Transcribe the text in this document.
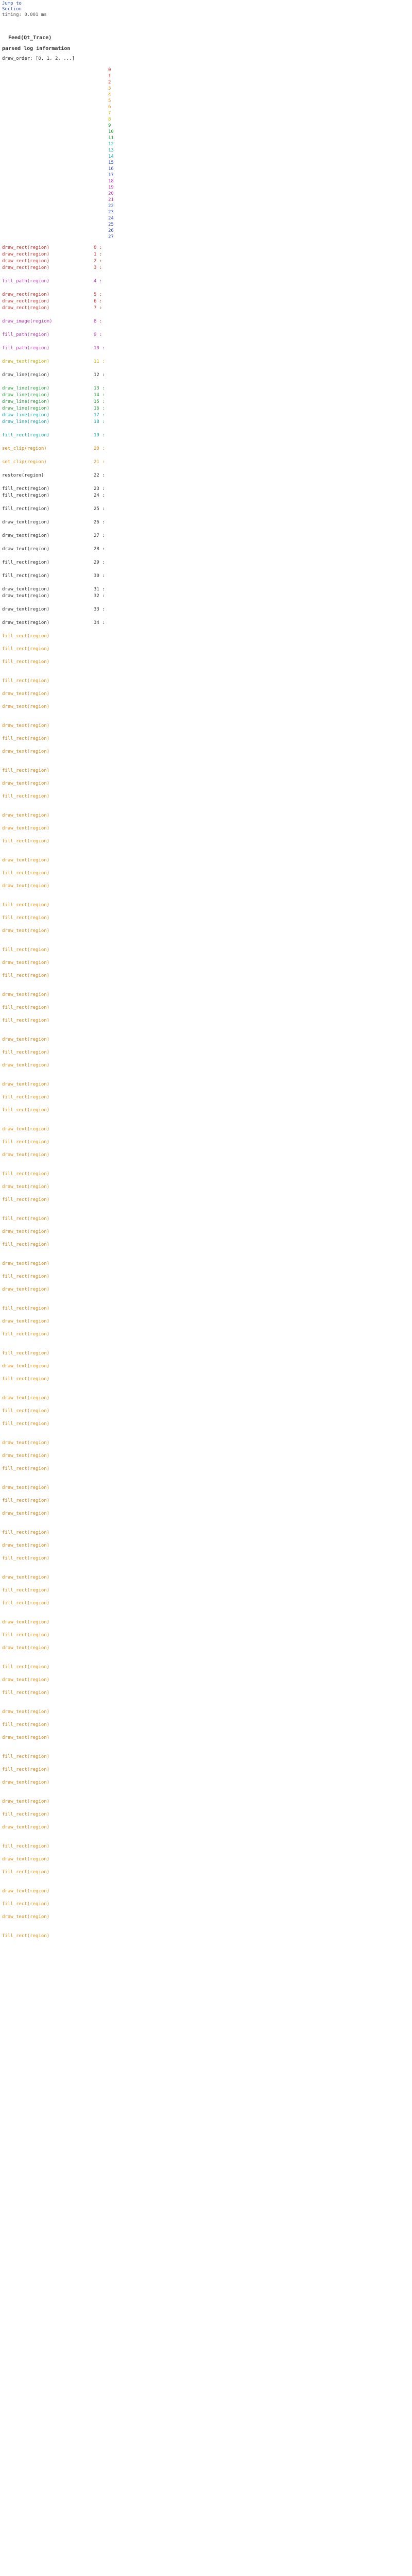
Jump to
Section
timing: 0.001 ms
Feed(Qt_Trace)
parsed log information
draw_order: [0, 1, 2, ...]
0
1
2
3
4
5
6
7
8
9
10
11
12
13
14
15
16
17
18
19
20
21
22
23
24
25
26
27
draw_rect(region)	0 :
draw_rect(region)	1 :
draw_rect(region)	2 :
draw_rect(region)	3 :
fill_path(region)	4 :
draw_rect(region)	5 :
draw_rect(region)	6 :
draw_rect(region)	7 :
draw_image(region)	8 :
fill_path(region)	9 :
fill_path(region)	10 :
draw_text(region)	11 :
draw_line(region)	12 :
draw_line(region)	13 :
draw_line(region)	14 :
draw_line(region)	15 :
draw_line(region)	16 :
draw_line(region)	17 :
draw_line(region)	18 :
fill_rect(region)	19 :
set_clip(region)	20 :
set_clip(region)	21 :
restore(region)	22 :
fill_rect(region)	23 :
fill_rect(region)	24 :
fill_rect(region)	25 :
draw_text(region)	26 :
draw_text(region)	27 :
draw_text(region)	28 :
fill_rect(region)	29 :
fill_rect(region)	30 :
draw_text(region)	31 :
draw_text(region)	32 :
draw_text(region)	33 :
draw_text(region)	34 :
fill_rect(region)
fill_rect(region)
fill_rect(region)
fill_rect(region)
draw_text(region)
draw_text(region)
draw_text(region)
fill_rect(region)
draw_text(region)
fill_rect(region)
draw_text(region)
fill_rect(region)
draw_text(region)
draw_text(region)
fill_rect(region)
draw_text(region)
fill_rect(region)
draw_text(region)
fill_rect(region)
fill_rect(region)
draw_text(region)
fill_rect(region)
draw_text(region)
fill_rect(region)
draw_text(region)
fill_rect(region)
fill_rect(region)
draw_text(region)
fill_rect(region)
draw_text(region)
draw_text(region)
fill_rect(region)
fill_rect(region)
draw_text(region)
fill_rect(region)
draw_text(region)
fill_rect(region)
draw_text(region)
fill_rect(region)
fill_rect(region)
draw_text(region)
fill_rect(region)
draw_text(region)
fill_rect(region)
draw_text(region)
fill_rect(region)
draw_text(region)
fill_rect(region)
fill_rect(region)
draw_text(region)
fill_rect(region)
draw_text(region)
fill_rect(region)
fill_rect(region)
draw_text(region)
draw_text(region)
fill_rect(region)
draw_text(region)
fill_rect(region)
draw_text(region)
fill_rect(region)
draw_text(region)
fill_rect(region)
draw_text(region)
fill_rect(region)
fill_rect(region)
draw_text(region)
fill_rect(region)
draw_text(region)
fill_rect(region)
draw_text(region)
fill_rect(region)
draw_text(region)
fill_rect(region)
draw_text(region)
fill_rect(region)
fill_rect(region)
draw_text(region)
draw_text(region)
fill_rect(region)
draw_text(region)
fill_rect(region)
draw_text(region)
fill_rect(region)
draw_text(region)
fill_rect(region)
draw_text(region)
fill_rect(region)
